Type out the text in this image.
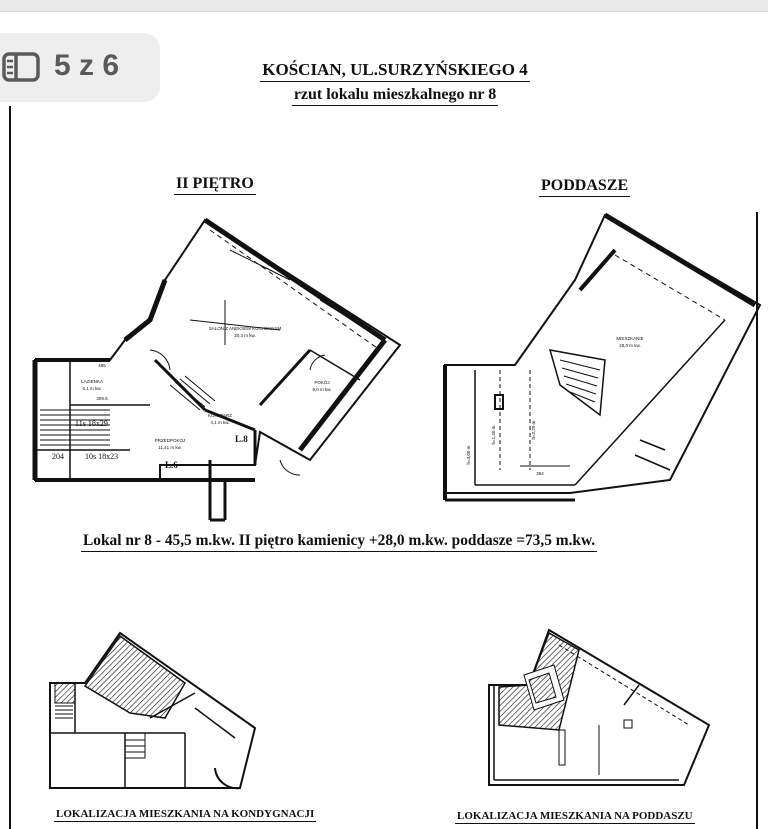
5 z 6	KOŚCIAN, UL.SURZYŃSKIEGO 4
rzut lokalu mieszkalnego nr 8
II PIĘTRO	PODDASZE
SALON Z ANEKSEM KUCHENNYM
20,3 m kw.
ŁAZIENKA
6,1 m kw.
POKÓJ
9,0 m kw.
KORYTARZ
4,1 m kw.
PRZEDPOKÓJ
11,41 m kw.
309.5
485
L.8
L.6
11s 18x29
10s 18x23
204
MIESZKANIE
28,0 m kw.
364
h=1,40 m	h=2,20 m
h=3,00 m
Lokal nr 8 - 45,5 m.kw. II piętro kamienicy +28,0 m.kw. poddasze =73,5 m.kw.
LOKALIZACJA MIESZKANIA NA KONDYGNACJI	LOKALIZACJA MIESZKANIA NA PODDASZU
